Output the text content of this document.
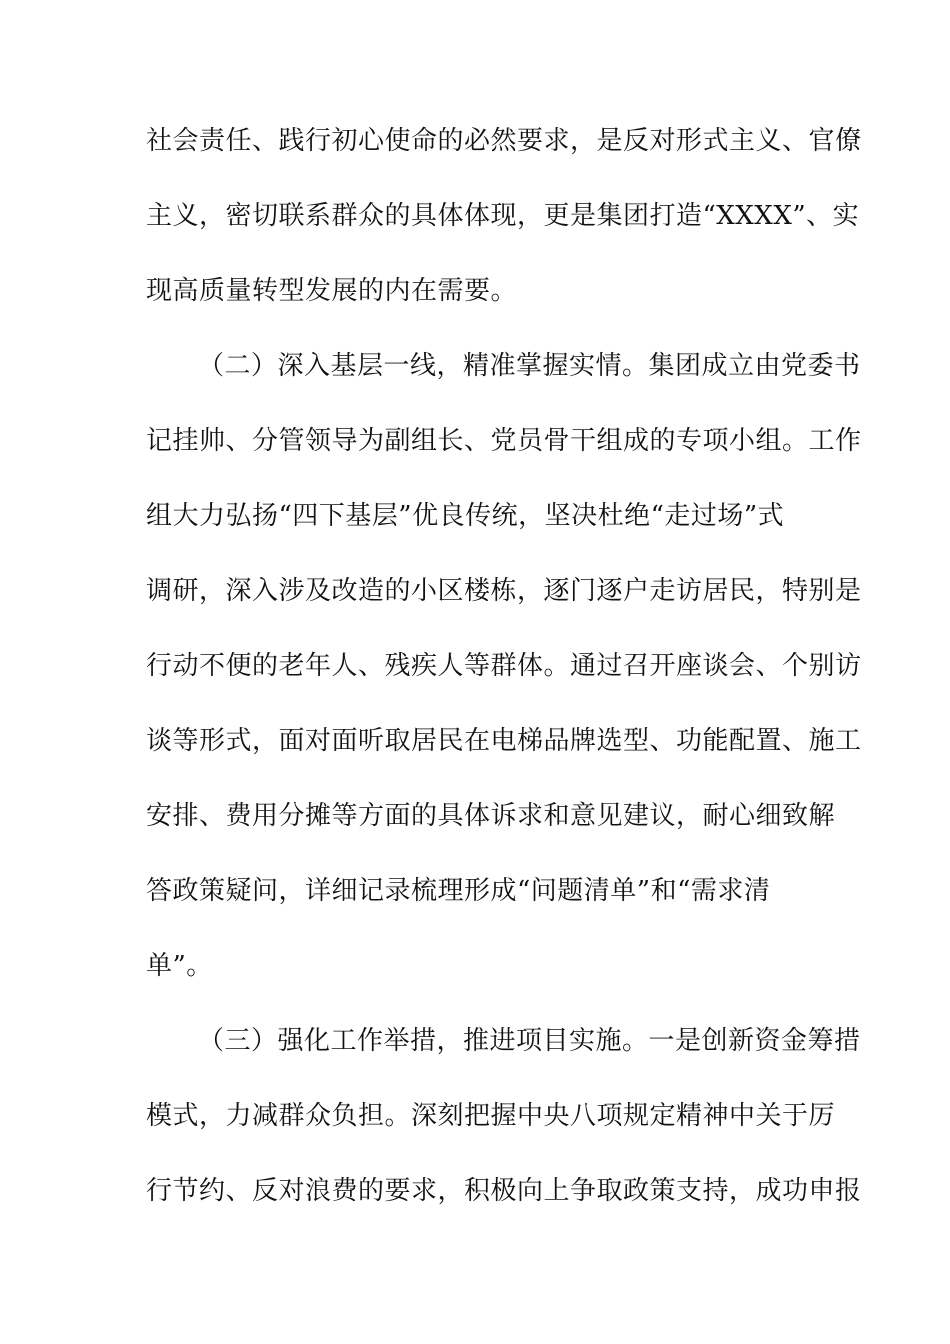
社会责任、践行初心使命的必然要求，是反对形式主义、官僚
主义，密切联系群众的具体体现，更是集团打造“XXXX”、实
现高质量转型发展的内在需要。
（二）深入基层一线，精准掌握实情。集团成立由党委书
记挂帅、分管领导为副组长、党员骨干组成的专项小组。工作
组大力弘扬“四下基层”优良传统，坚决杜绝“走过场”式
调研，深入涉及改造的小区楼栋，逐门逐户走访居民，特别是
行动不便的老年人、残疾人等群体。通过召开座谈会、个别访
谈等形式，面对面听取居民在电梯品牌选型、功能配置、施工
安排、费用分摊等方面的具体诉求和意见建议，耐心细致解
答政策疑问，详细记录梳理形成“问题清单”和“需求清
单”。
（三）强化工作举措，推进项目实施。一是创新资金筹措
模式，力减群众负担。深刻把握中央八项规定精神中关于厉
行节约、反对浪费的要求，积极向上争取政策支持，成功申报
